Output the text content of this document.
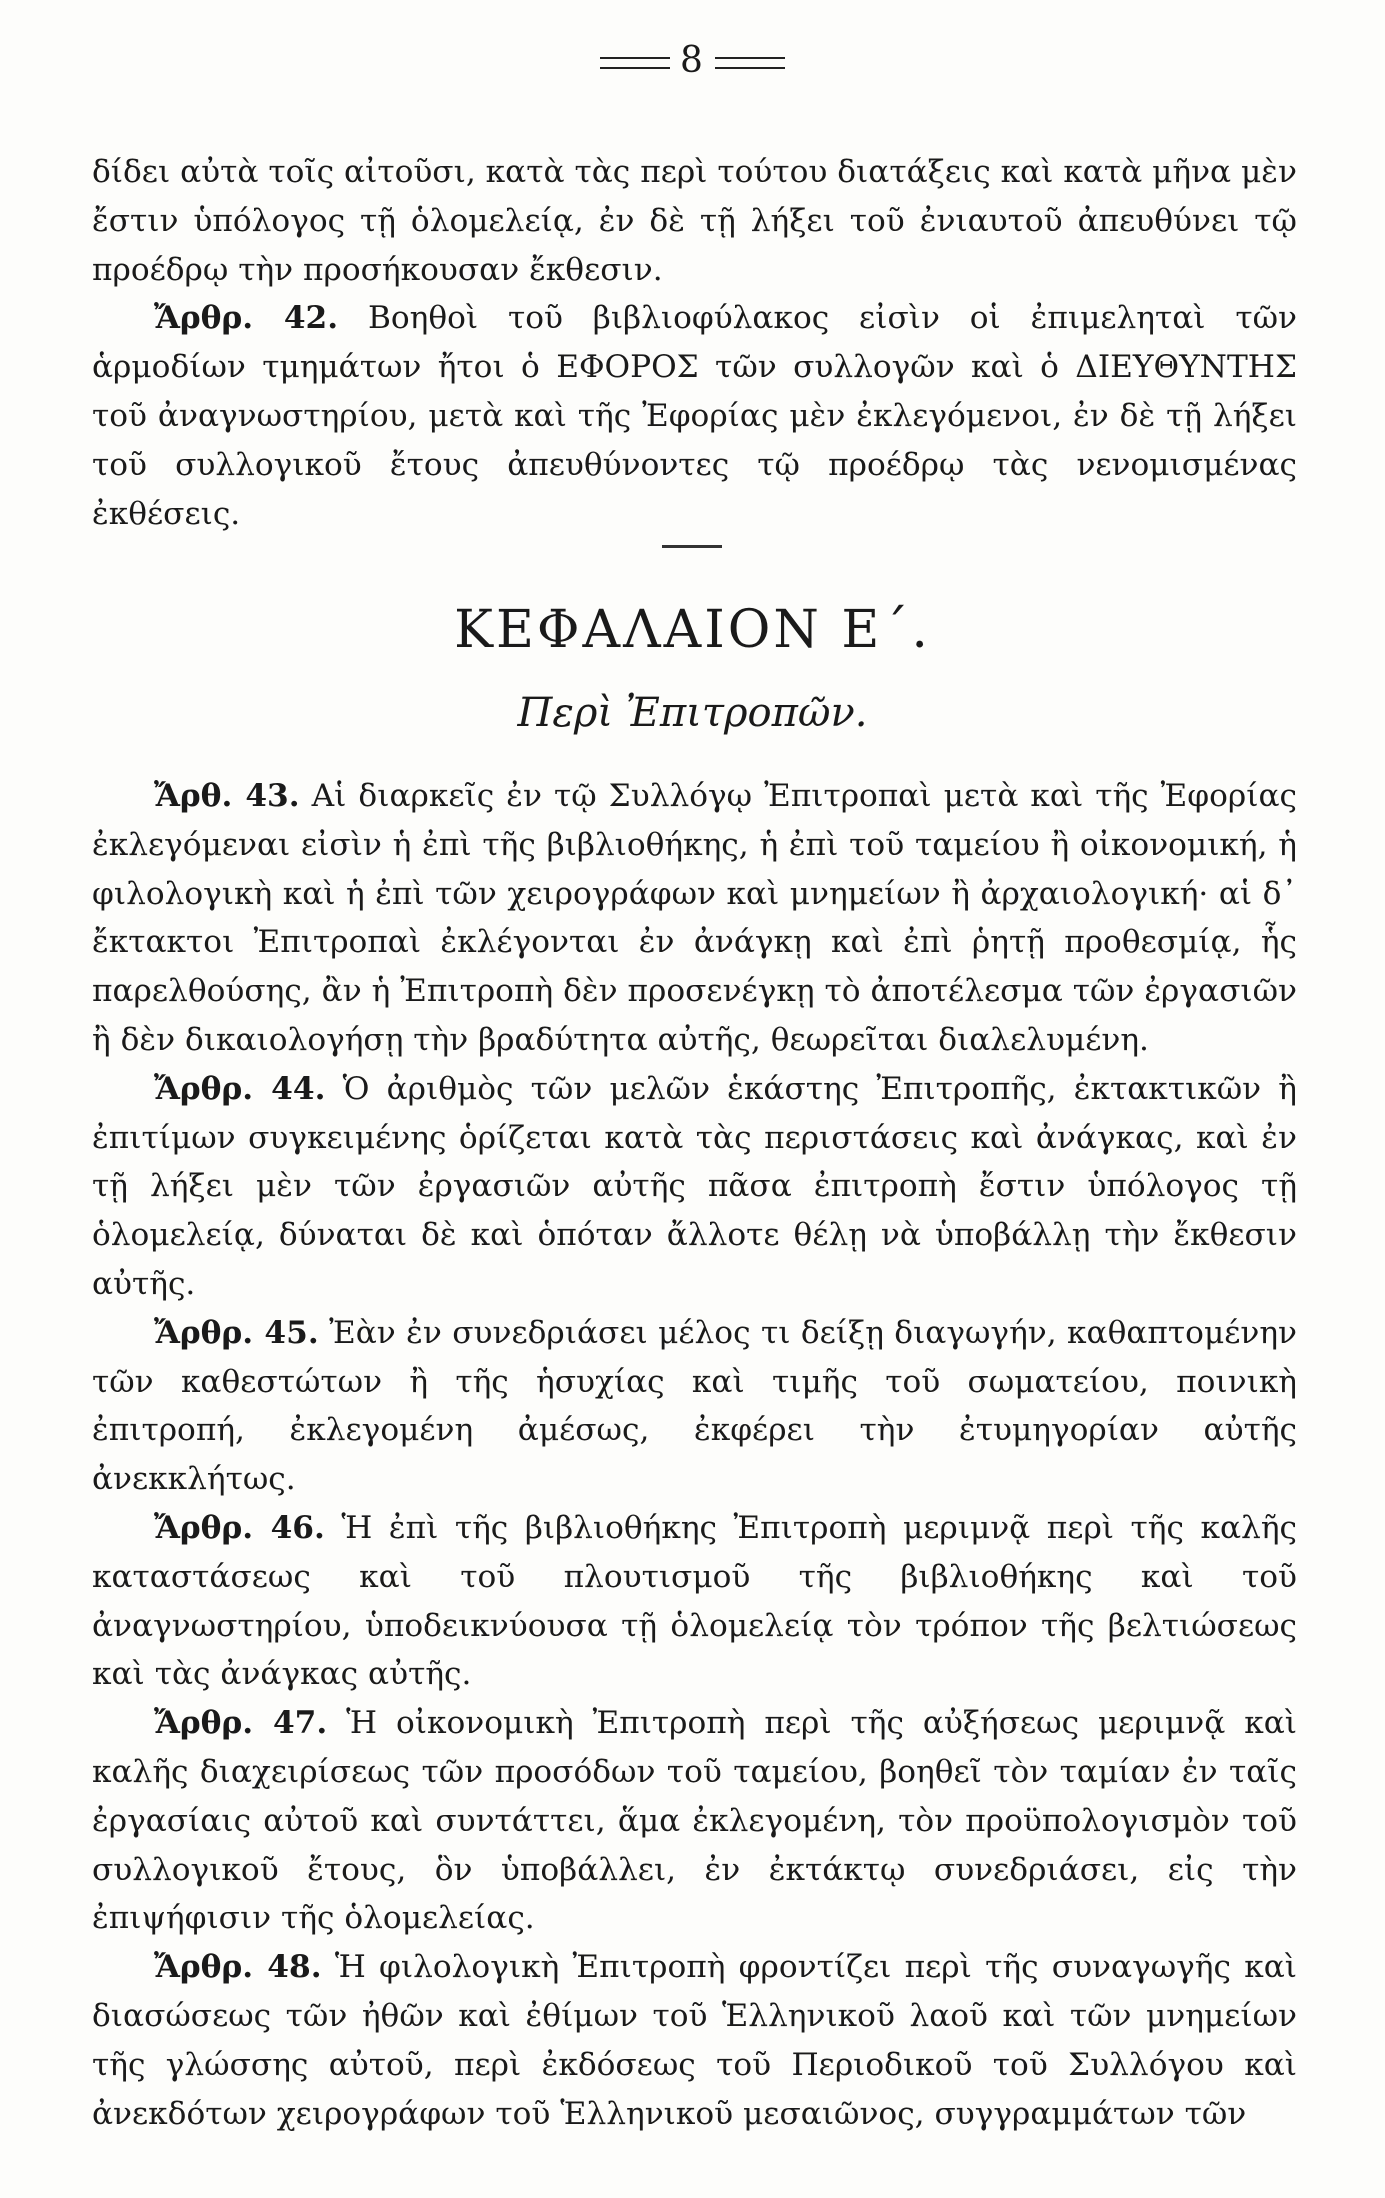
8

δίδει αὐτὰ τοῖς αἰτοῦσι, κατὰ τὰς περὶ τούτου διατάξεις καὶ κατὰ μῆνα μὲν ἔστιν ὑπόλογος τῇ ὁλομελείᾳ, ἐν δὲ τῇ λήξει τοῦ ἐνιαυτοῦ ἀπευθύνει τῷ προέδρῳ τὴν προσήκουσαν ἔκθεσιν.

Ἄρθρ. 42. Βοηθοὶ τοῦ βιβλιοφύλακος εἰσὶν οἱ ἐπιμεληταὶ τῶν ἁρμοδίων τμημάτων ἤτοι ὁ ΕΦΟΡΟΣ τῶν συλλογῶν καὶ ὁ ΔΙΕΥΘΥΝΤΗΣ τοῦ ἀναγνωστηρίου, μετὰ καὶ τῆς Ἐφορίας μὲν ἐκλεγόμενοι, ἐν δὲ τῇ λήξει τοῦ συλλογικοῦ ἔτους ἀπευθύνοντες τῷ προέδρῳ τὰς νενομισμένας ἐκθέσεις.

ΚΕΦΑΛΑΙΟΝ Ε΄.
Περὶ Ἐπιτροπῶν.

Ἄρθ. 43. Αἱ διαρκεῖς ἐν τῷ Συλλόγῳ Ἐπιτροπαὶ μετὰ καὶ τῆς Ἐφορίας ἐκλεγόμεναι εἰσὶν ἡ ἐπὶ τῆς βιβλιοθήκης, ἡ ἐπὶ τοῦ ταμείου ἢ οἰκονομική, ἡ φιλολογικὴ καὶ ἡ ἐπὶ τῶν χειρογράφων καὶ μνημείων ἢ ἀρχαιολογική· αἱ δ᾿ ἔκτακτοι Ἐπιτροπαὶ ἐκλέγονται ἐν ἀνάγκῃ καὶ ἐπὶ ῥητῇ προθεσμίᾳ, ἧς παρελθούσης, ἂν ἡ Ἐπιτροπὴ δὲν προσενέγκῃ τὸ ἀποτέλεσμα τῶν ἐργασιῶν ἢ δὲν δικαιολογήσῃ τὴν βραδύτητα αὐτῆς, θεωρεῖται διαλελυμένη.

Ἄρθρ. 44. Ὁ ἀριθμὸς τῶν μελῶν ἑκάστης Ἐπιτροπῆς, ἐκτακτικῶν ἢ ἐπιτίμων συγκειμένης ὁρίζεται κατὰ τὰς περιστάσεις καὶ ἀνάγκας, καὶ ἐν τῇ λήξει μὲν τῶν ἐργασιῶν αὐτῆς πᾶσα ἐπιτροπὴ ἔστιν ὑπόλογος τῇ ὁλομελείᾳ, δύναται δὲ καὶ ὁπόταν ἄλλοτε θέλῃ νὰ ὑποβάλλῃ τὴν ἔκθεσιν αὐτῆς.

Ἄρθρ. 45. Ἐὰν ἐν συνεδριάσει μέλος τι δείξῃ διαγωγήν, καθαπτομένην τῶν καθεστώτων ἢ τῆς ἡσυχίας καὶ τιμῆς τοῦ σωματείου, ποινικὴ ἐπιτροπή, ἐκλεγομένη ἀμέσως, ἐκφέρει τὴν ἐτυμηγορίαν αὐτῆς ἀνεκκλήτως.

Ἄρθρ. 46. Ἡ ἐπὶ τῆς βιβλιοθήκης Ἐπιτροπὴ μεριμνᾷ περὶ τῆς καλῆς καταστάσεως καὶ τοῦ πλουτισμοῦ τῆς βιβλιοθήκης καὶ τοῦ ἀναγνωστηρίου, ὑποδεικνύουσα τῇ ὁλομελείᾳ τὸν τρόπον τῆς βελτιώσεως καὶ τὰς ἀνάγκας αὐτῆς.

Ἄρθρ. 47. Ἡ οἰκονομικὴ Ἐπιτροπὴ περὶ τῆς αὐξήσεως μεριμνᾷ καὶ καλῆς διαχειρίσεως τῶν προσόδων τοῦ ταμείου, βοηθεῖ τὸν ταμίαν ἐν ταῖς ἐργασίαις αὐτοῦ καὶ συντάττει, ἅμα ἐκλεγομένη, τὸν προϋπολογισμὸν τοῦ συλλογικοῦ ἔτους, ὃν ὑποβάλλει, ἐν ἐκτάκτῳ συνεδριάσει, εἰς τὴν ἐπιψήφισιν τῆς ὁλομελείας.

Ἄρθρ. 48. Ἡ φιλολογικὴ Ἐπιτροπὴ φροντίζει περὶ τῆς συναγωγῆς καὶ διασώσεως τῶν ἠθῶν καὶ ἐθίμων τοῦ Ἑλληνικοῦ λαοῦ καὶ τῶν μνημείων τῆς γλώσσης αὐτοῦ, περὶ ἐκδόσεως τοῦ Περιοδικοῦ τοῦ Συλλόγου καὶ ἀνεκδότων χειρογράφων τοῦ Ἑλληνικοῦ μεσαιῶνος, συγγραμμάτων τῶν
